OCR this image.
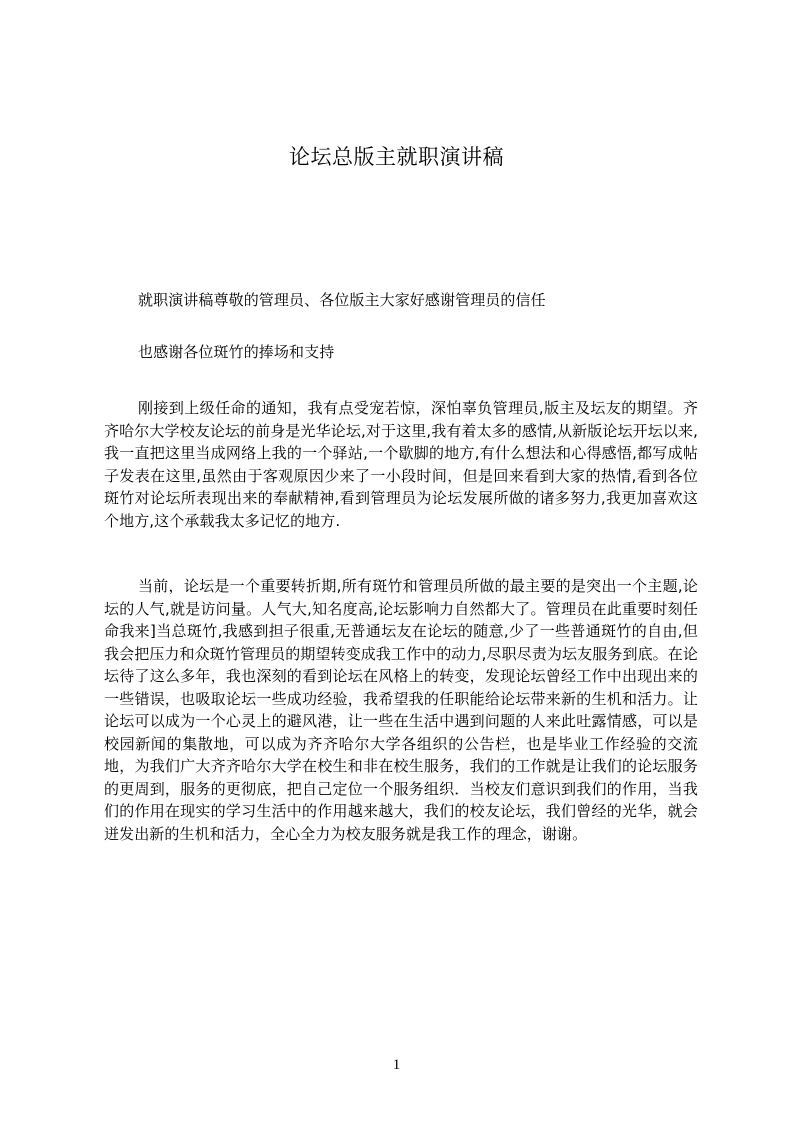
论坛总版主就职演讲稿

就职演讲稿尊敬的管理员、各位版主大家好感谢管理员的信任

也感谢各位斑竹的捧场和支持

刚接到上级任命的通知，我有点受宠若惊，深怕辜负管理员,版主及坛友的期望。齐齐哈尔大学校友论坛的前身是光华论坛,对于这里,我有着太多的感情,从新版论坛开坛以来,我一直把这里当成网络上我的一个驿站,一个歇脚的地方,有什么想法和心得感悟,都写成帖子发表在这里,虽然由于客观原因少来了一小段时间，但是回来看到大家的热情,看到各位斑竹对论坛所表现出来的奉献精神,看到管理员为论坛发展所做的诸多努力,我更加喜欢这个地方,这个承载我太多记忆的地方.

当前，论坛是一个重要转折期,所有斑竹和管理员所做的最主要的是突出一个主题,论坛的人气,就是访问量。人气大,知名度高,论坛影响力自然都大了。管理员在此重要时刻任命我来]当总斑竹,我感到担子很重,无普通坛友在论坛的随意,少了一些普通斑竹的自由,但我会把压力和众斑竹管理员的期望转变成我工作中的动力,尽职尽责为坛友服务到底。在论坛待了这么多年，我也深刻的看到论坛在风格上的转变，发现论坛曾经工作中出现出来的一些错误，也吸取论坛一些成功经验，我希望我的任职能给论坛带来新的生机和活力。让论坛可以成为一个心灵上的避风港，让一些在生活中遇到问题的人来此吐露情感，可以是校园新闻的集散地，可以成为齐齐哈尔大学各组织的公告栏，也是毕业工作经验的交流地，为我们广大齐齐哈尔大学在校生和非在校生服务，我们的工作就是让我们的论坛服务的更周到，服务的更彻底，把自己定位一个服务组织．当校友们意识到我们的作用，当我们的作用在现实的学习生活中的作用越来越大，我们的校友论坛，我们曾经的光华，就会迸发出新的生机和活力，全心全力为校友服务就是我工作的理念，谢谢。

1
